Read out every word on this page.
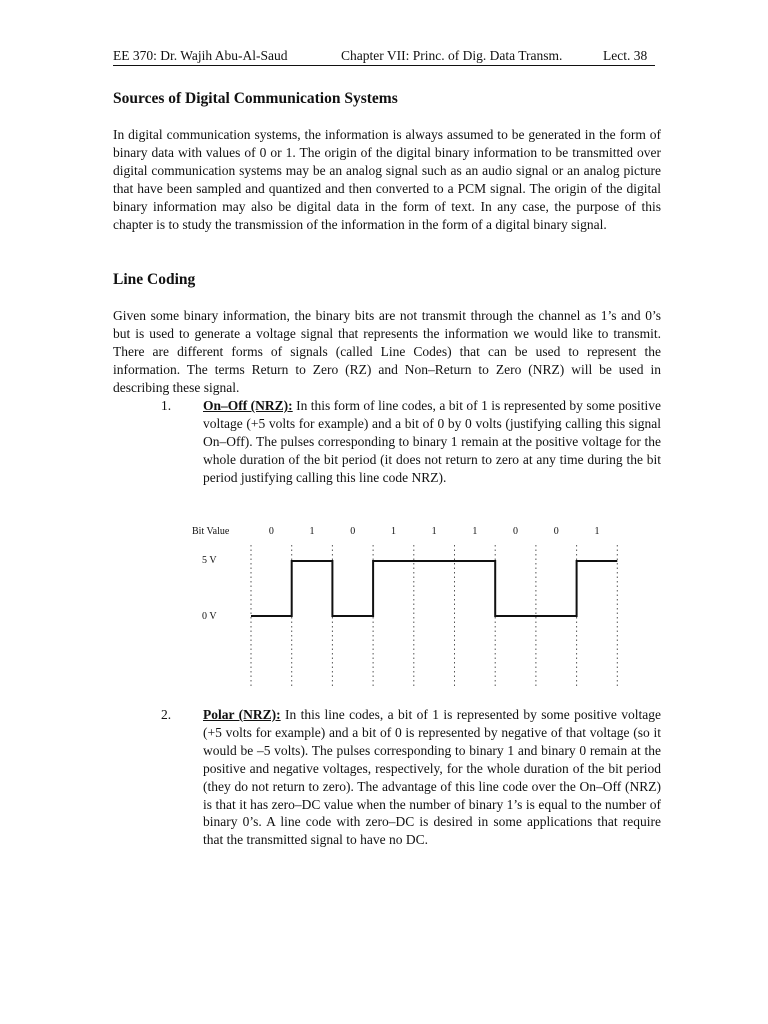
EE 370: Dr. Wajih Abu-Al-Saud	Chapter VII: Princ. of Dig. Data Transm.	Lect. 38

Sources of Digital Communication Systems
In digital communication systems, the information is always assumed to be generated in the form of binary data with values of 0 or 1. The origin of the digital binary information to be transmitted over digital communication systems may be an analog signal such as an audio signal or an analog picture that have been sampled and quantized and then converted to a PCM signal. The origin of the digital binary information may also be digital data in the form of text. In any case, the purpose of this chapter is to study the transmission of the information in the form of a digital binary signal.
Line Coding
Given some binary information, the binary bits are not transmit through the channel as 1’s and 0’s but is used to generate a voltage signal that represents the information we would like to transmit. There are different forms of signals (called Line Codes) that can be used to represent the information. The terms Return to Zero (RZ) and Non–Return to Zero (NRZ) will be used in describing these signal.
1. On–Off (NRZ): In this form of line codes, a bit of 1 is represented by some positive voltage (+5 volts for example) and a bit of 0 by 0 volts (justifying calling this signal On–Off). The pulses corresponding to binary 1 remain at the positive voltage for the whole duration of the bit period (it does not return to zero at any time during the bit period justifying calling this line code NRZ).
Bit Value
5 V
0 V
0	1	0	1	1	1	0	0	1
2. Polar (NRZ): In this line codes, a bit of 1 is represented by some positive voltage (+5 volts for example) and a bit of 0 is represented by negative of that voltage (so it would be –5 volts). The pulses corresponding to binary 1 and binary 0 remain at the positive and negative voltages, respectively, for the whole duration of the bit period (they do not return to zero). The advantage of this line code over the On–Off (NRZ) is that it has zero–DC value when the number of binary 1’s is equal to the number of binary 0’s. A line code with zero–DC is desired in some applications that require that the transmitted signal to have no DC.
